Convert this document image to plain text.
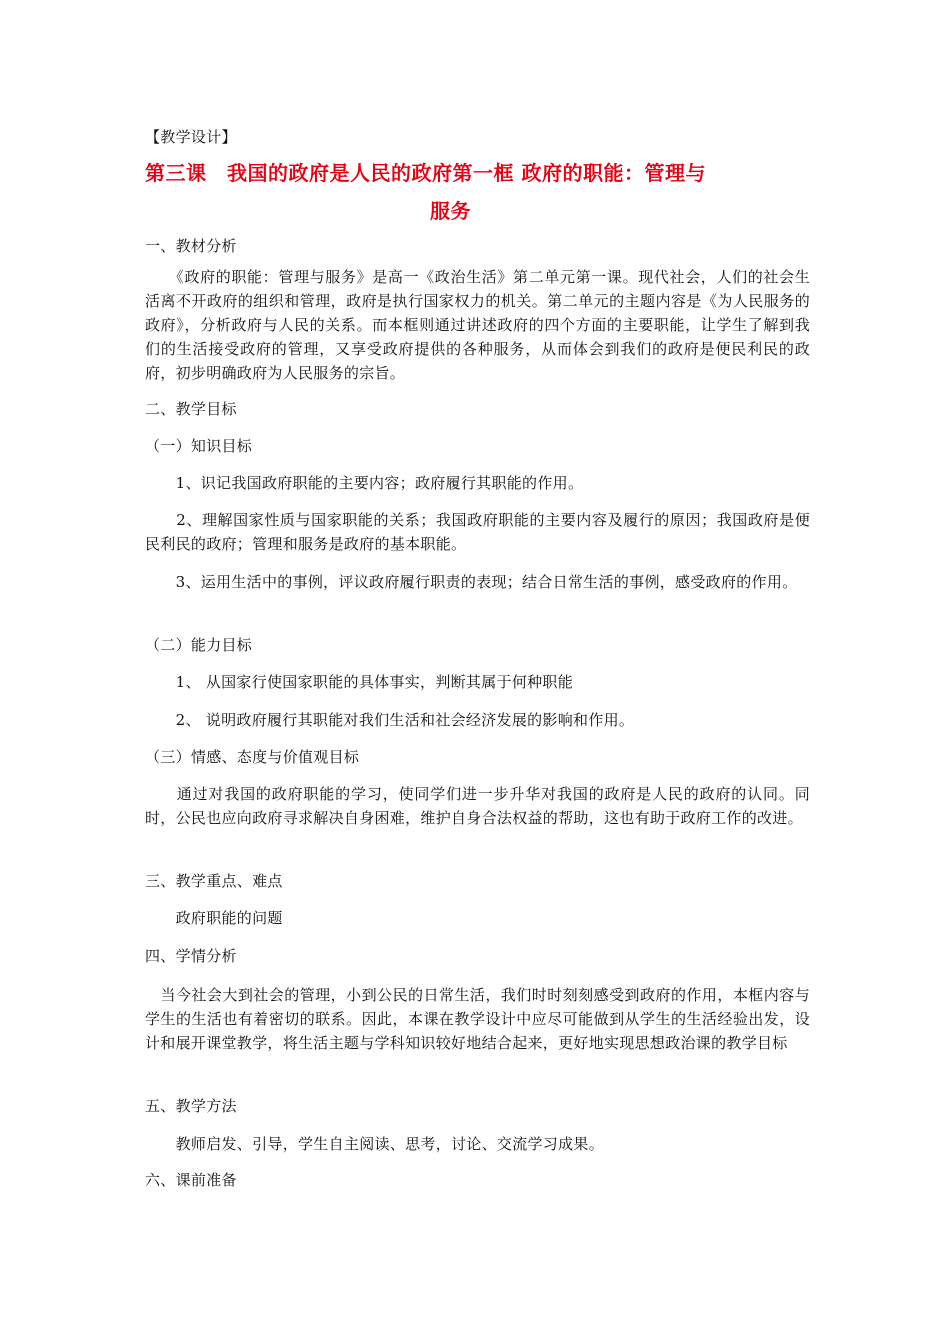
【教学设计】
第三课　我国的政府是人民的政府第一框 政府的职能：管理与
服务
一、教材分析

　　《政府的职能：管理与服务》是高一《政治生活》第二单元第一课。现代社会，人们的社会生活离不开政府的组织和管理，政府是执行国家权力的机关。第二单元的主题内容是《为人民服务的政府》，分析政府与人民的关系。而本框则通过讲述政府的四个方面的主要职能，让学生了解到我们的生活接受政府的管理，又享受政府提供的各种服务，从而体会到我们的政府是便民利民的政府，初步明确政府为人民服务的宗旨。

二、教学目标
（一）知识目标

　　1、识记我国政府职能的主要内容；政府履行其职能的作用。

　　2、理解国家性质与国家职能的关系；我国政府职能的主要内容及履行的原因；我国政府是便民利民的政府；管理和服务是政府的基本职能。

　　3、运用生活中的事例，评议政府履行职责的表现；结合日常生活的事例，感受政府的作用。

（二）能力目标

　　1、 从国家行使国家职能的具体事实，判断其属于何种职能

　　2、 说明政府履行其职能对我们生活和社会经济发展的影响和作用。

（三）情感、态度与价值观目标

　　通过对我国的政府职能的学习，使同学们进一步升华对我国的政府是人民的政府的认同。同时，公民也应向政府寻求解决自身困难，维护自身合法权益的帮助，这也有助于政府工作的改进。

三、教学重点、难点

　　政府职能的问题

四、学情分析

　当今社会大到社会的管理，小到公民的日常生活，我们时时刻刻感受到政府的作用，本框内容与学生的生活也有着密切的联系。因此，本课在教学设计中应尽可能做到从学生的生活经验出发，设计和展开课堂教学，将生活主题与学科知识较好地结合起来，更好地实现思想政治课的教学目标

五、教学方法

　　教师启发、引导，学生自主阅读、思考，讨论、交流学习成果。

六、课前准备
